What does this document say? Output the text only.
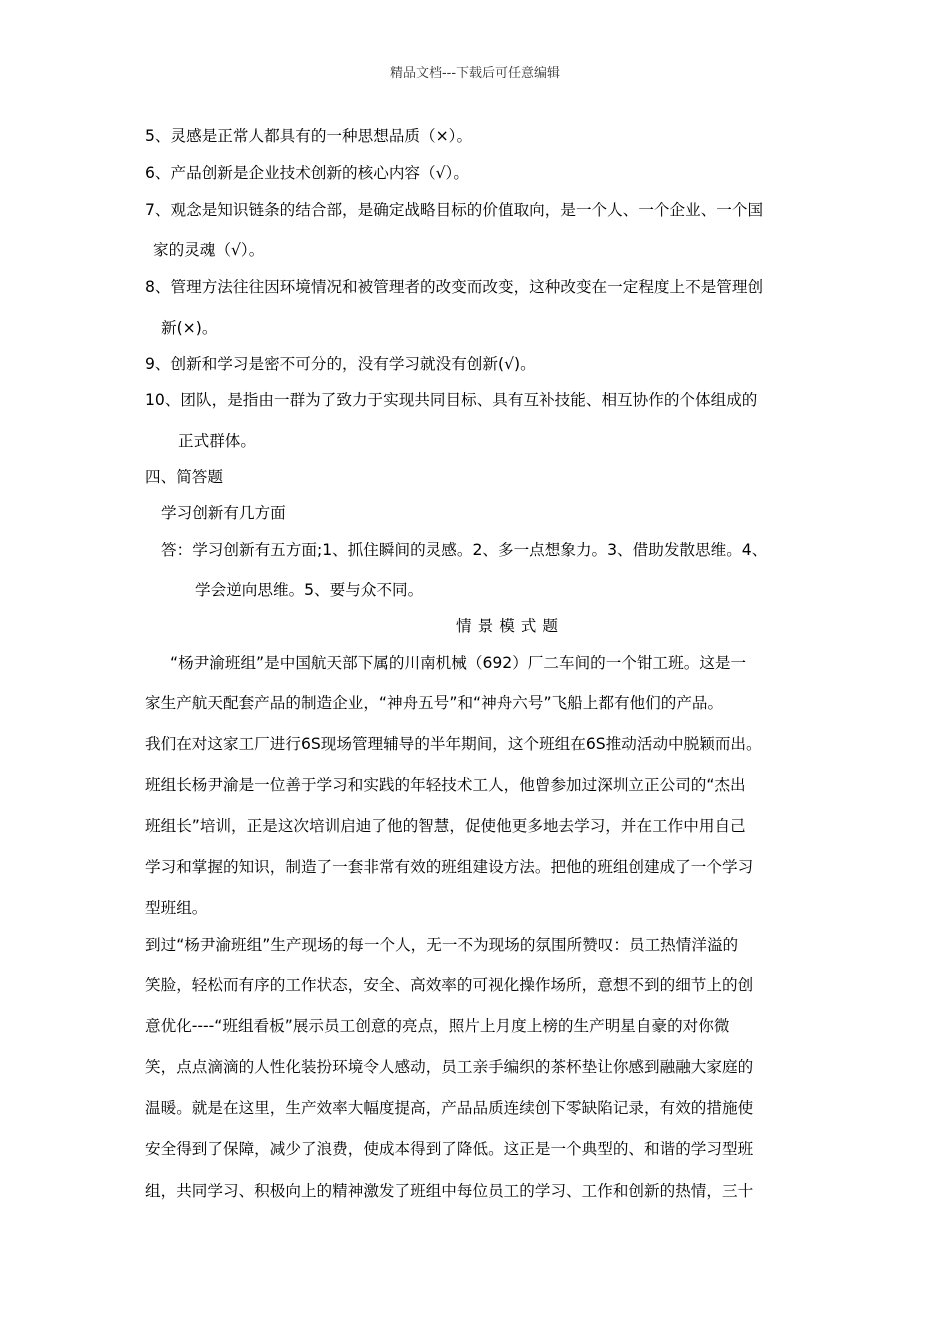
精品文档---下载后可任意编辑
5、灵感是正常人都具有的一种思想品质（×）。
6、产品创新是企业技术创新的核心内容（√）。
7、观念是知识链条的结合部，是确定战略目标的价值取向，是一个人、一个企业、一个国
家的灵魂（√）。
8、管理方法往往因环境情况和被管理者的改变而改变，这种改变在一定程度上不是管理创
新(×)。
9、创新和学习是密不可分的，没有学习就没有创新(√)。
10、团队，是指由一群为了致力于实现共同目标、具有互补技能、相互协作的个体组成的
正式群体。
四、简答题
学习创新有几方面
答：学习创新有五方面;1、抓住瞬间的灵感。2、多一点想象力。3、借助发散思维。4、
学会逆向思维。5、要与众不同。
情景模式题
“杨尹渝班组”是中国航天部下属的川南机械（692）厂二车间的一个钳工班。这是一
家生产航天配套产品的制造企业，“神舟五号”和“神舟六号”飞船上都有他们的产品。
我们在对这家工厂进行6S现场管理辅导的半年期间，这个班组在6S推动活动中脱颖而出。
班组长杨尹渝是一位善于学习和实践的年轻技术工人，他曾参加过深圳立正公司的“杰出
班组长”培训，正是这次培训启迪了他的智慧，促使他更多地去学习，并在工作中用自己
学习和掌握的知识，制造了一套非常有效的班组建设方法。把他的班组创建成了一个学习
型班组。
到过“杨尹渝班组”生产现场的每一个人，无一不为现场的氛围所赞叹：员工热情洋溢的
笑脸，轻松而有序的工作状态，安全、高效率的可视化操作场所，意想不到的细节上的创
意优化----“班组看板”展示员工创意的亮点，照片上月度上榜的生产明星自豪的对你微
笑，点点滴滴的人性化装扮环境令人感动，员工亲手编织的茶杯垫让你感到融融大家庭的
温暖。就是在这里，生产效率大幅度提高，产品品质连续创下零缺陷记录，有效的措施使
安全得到了保障，减少了浪费，使成本得到了降低。这正是一个典型的、和谐的学习型班
组，共同学习、积极向上的精神激发了班组中每位员工的学习、工作和创新的热情，三十
